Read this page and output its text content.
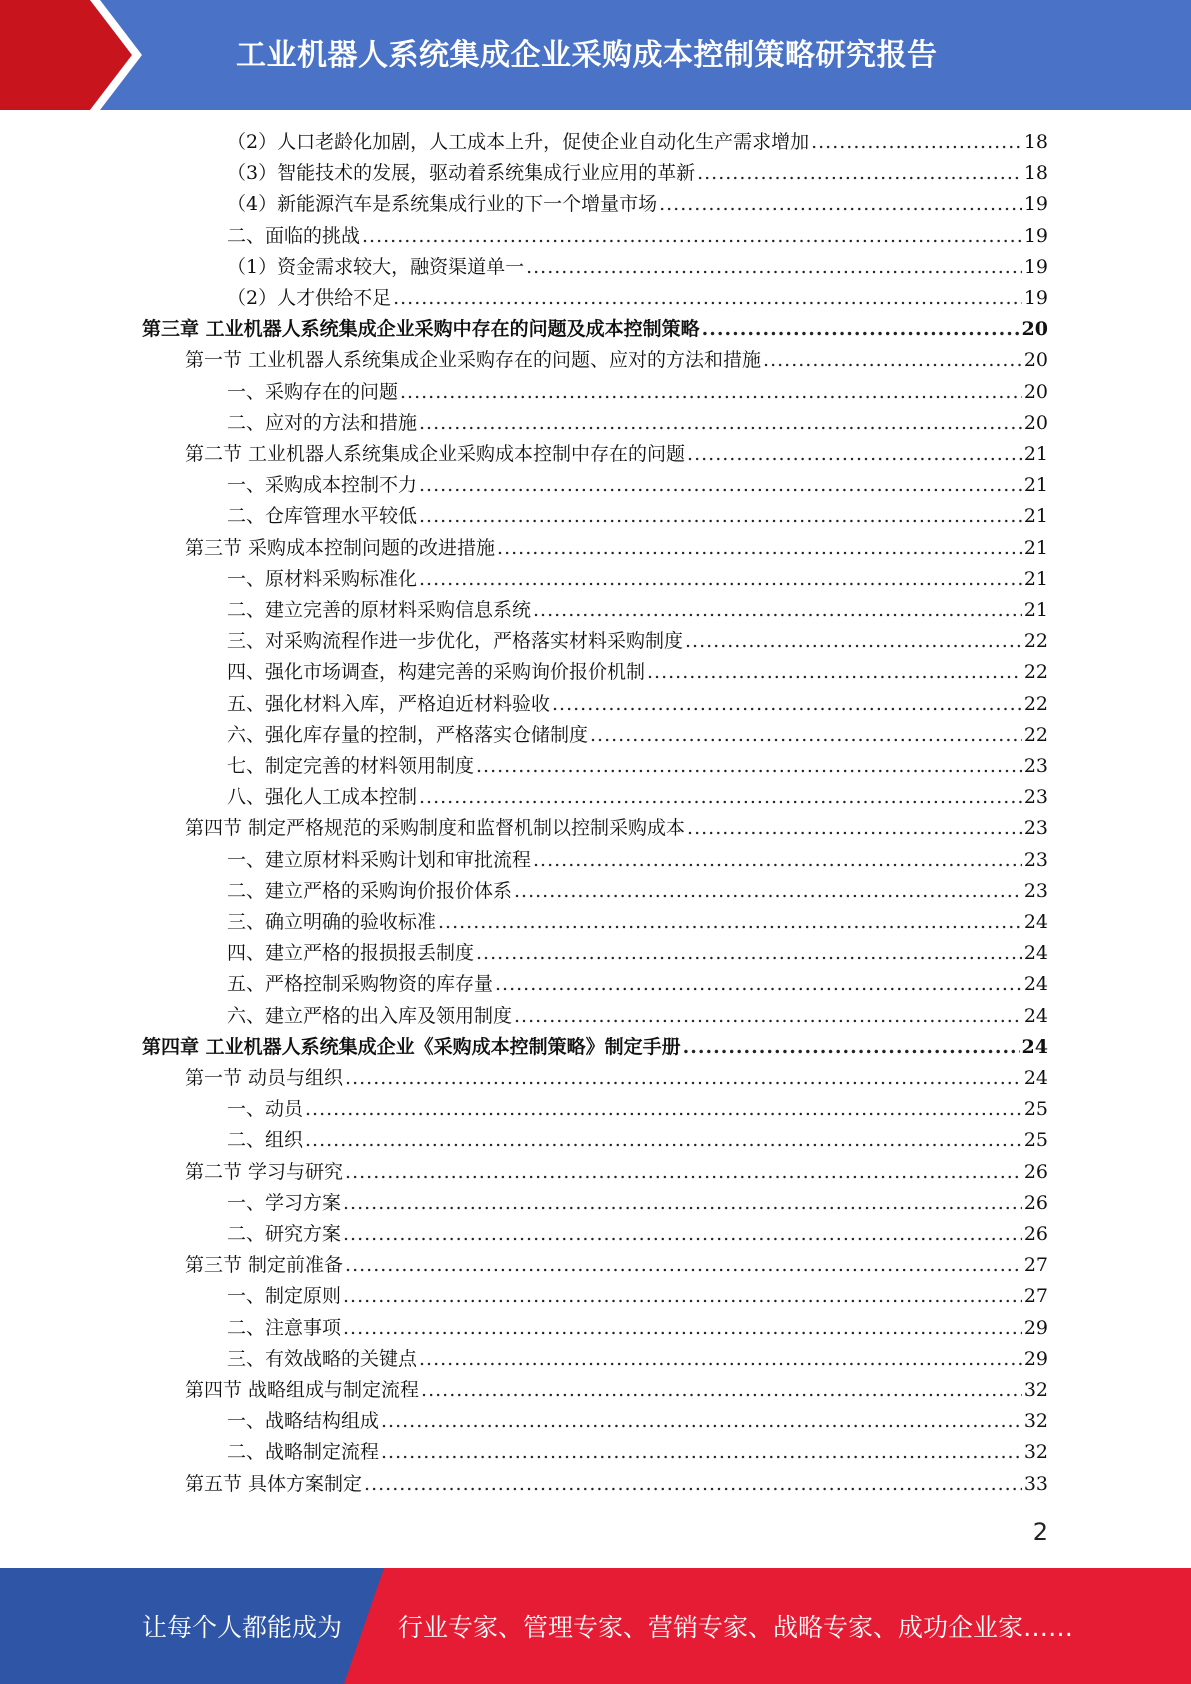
工业机器人系统集成企业采购成本控制策略研究报告
（2）人口老龄化加剧，人工成本上升，促使企业自动化生产需求增加 .....	18
（3）智能技术的发展，驱动着系统集成行业应用的革新 .....	18
（4）新能源汽车是系统集成行业的下一个增量市场 .....	19
二、面临的挑战 .....	19
（1）资金需求较大，融资渠道单一 .....	19
（2）人才供给不足 .....	19
第三章 工业机器人系统集成企业采购中存在的问题及成本控制策略 .....	20
第一节 工业机器人系统集成企业采购存在的问题、应对的方法和措施 .....	20
一、采购存在的问题 .....	20
二、应对的方法和措施 .....	20
第二节 工业机器人系统集成企业采购成本控制中存在的问题 .....	21
一、采购成本控制不力 .....	21
二、仓库管理水平较低 .....	21
第三节 采购成本控制问题的改进措施 .....	21
一、原材料采购标准化 .....	21
二、建立完善的原材料采购信息系统 .....	21
三、对采购流程作进一步优化，严格落实材料采购制度 .....	22
四、强化市场调查，构建完善的采购询价报价机制 .....	22
五、强化材料入库，严格迫近材料验收 .....	22
六、强化库存量的控制，严格落实仓储制度 .....	22
七、制定完善的材料领用制度 .....	23
八、强化人工成本控制 .....	23
第四节 制定严格规范的采购制度和监督机制以控制采购成本 .....	23
一、建立原材料采购计划和审批流程 .....	23
二、建立严格的采购询价报价体系 .....	23
三、确立明确的验收标准 .....	24
四、建立严格的报损报丢制度 .....	24
五、严格控制采购物资的库存量 .....	24
六、建立严格的出入库及领用制度 .....	24
第四章 工业机器人系统集成企业《采购成本控制策略》制定手册 .....	24
第一节 动员与组织 .....	24
一、动员 .....	25
二、组织 .....	25
第二节 学习与研究 .....	26
一、学习方案 .....	26
二、研究方案 .....	26
第三节 制定前准备 .....	27
一、制定原则 .....	27
二、注意事项 .....	29
三、有效战略的关键点 .....	29
第四节 战略组成与制定流程 .....	32
一、战略结构组成 .....	32
二、战略制定流程 .....	32
第五节 具体方案制定 .....	33
2
让每个人都能成为 行业专家、管理专家、营销专家、战略专家、成功企业家……
